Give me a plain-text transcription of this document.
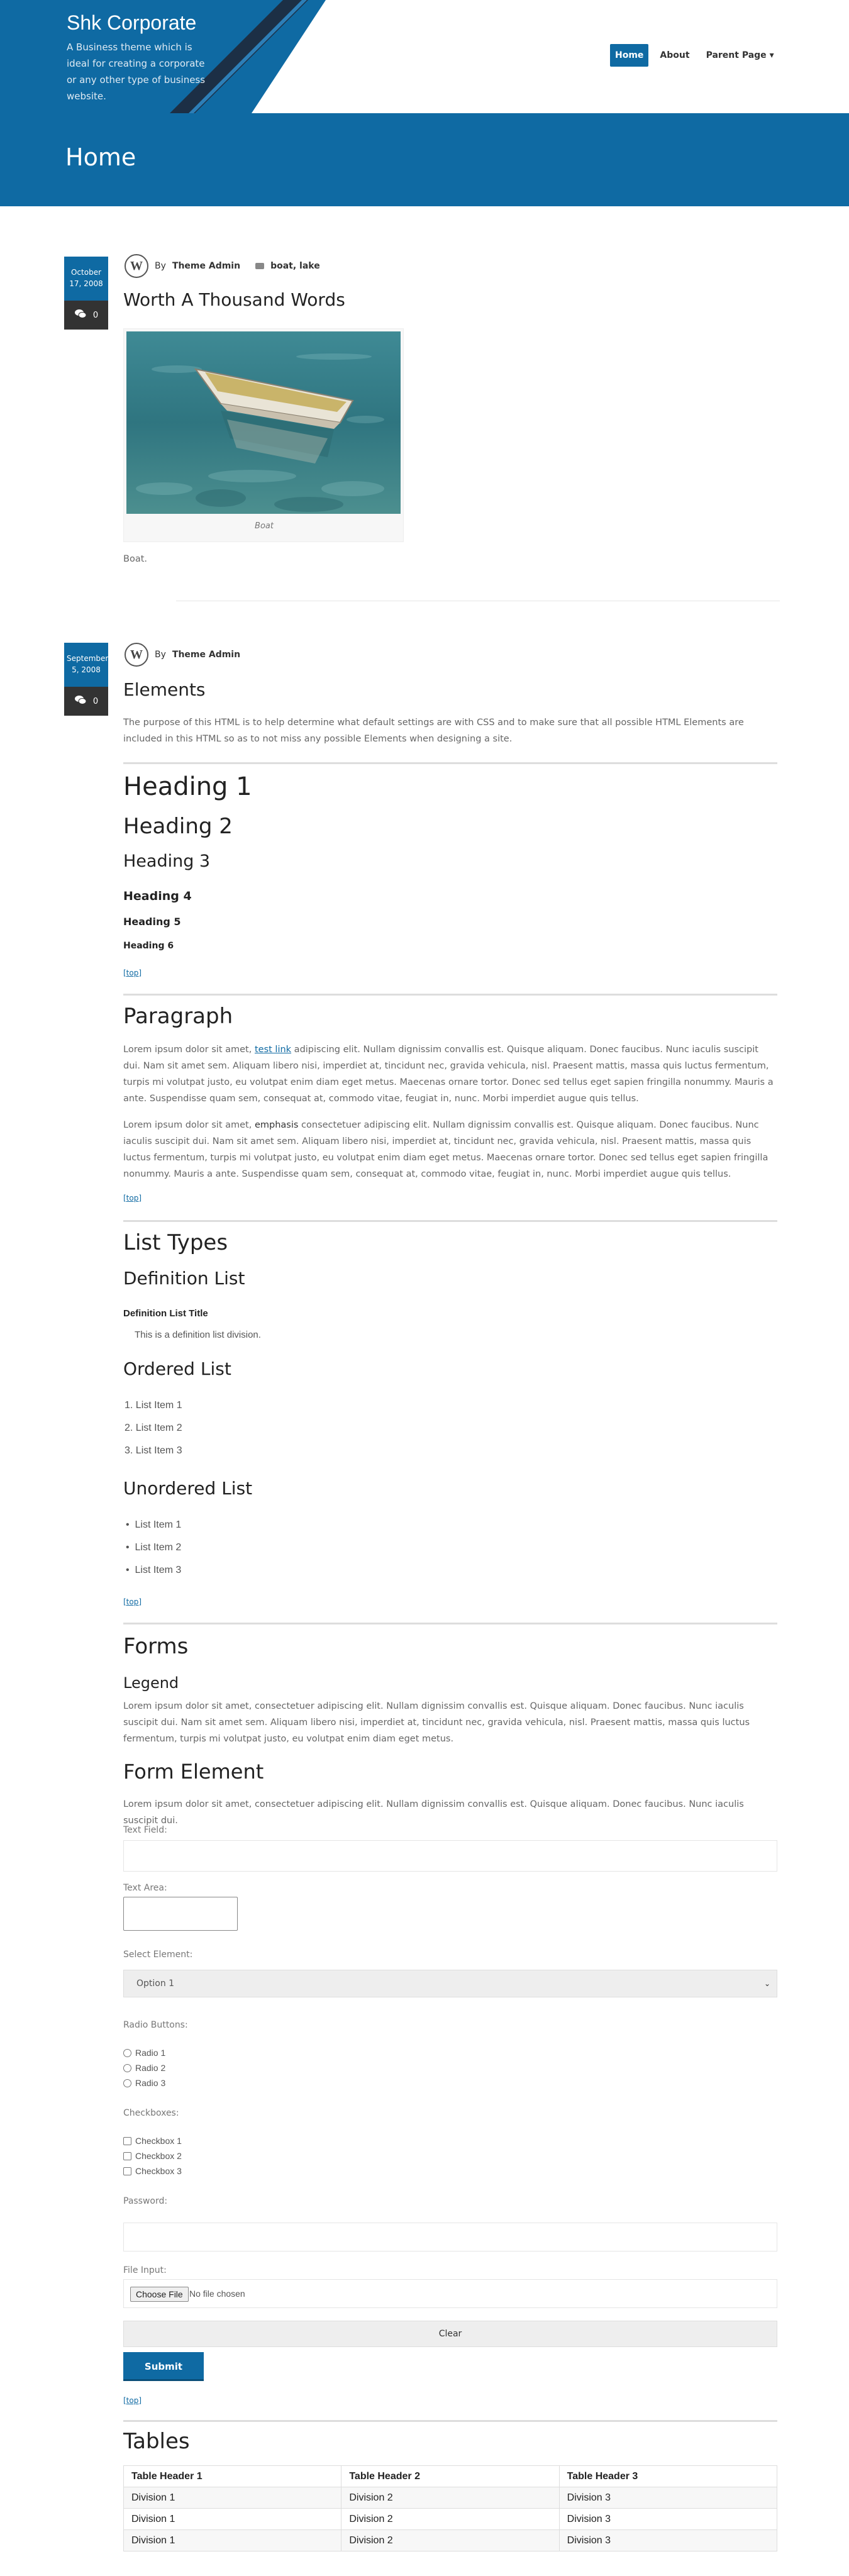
Shk Corporate
A Business theme which is ideal for creating a corporate or any other type of business website.
Home	About	Parent Page ▾
Home
October 17, 2008
0
W	By Theme Admin	boat, lake
Worth A Thousand Words
Boat
Boat.
September 5, 2008
0
W	By Theme Admin
Elements
The purpose of this HTML is to help determine what default settings are with CSS and to make sure that all possible HTML Elements are included in this HTML so as to not miss any possible Elements when designing a site.
Heading 1
Heading 2
Heading 3
Heading 4
Heading 5
Heading 6
[top]
Paragraph
Lorem ipsum dolor sit amet, test link adipiscing elit. Nullam dignissim convallis est. Quisque aliquam. Donec faucibus. Nunc iaculis suscipit dui. Nam sit amet sem. Aliquam libero nisi, imperdiet at, tincidunt nec, gravida vehicula, nisl. Praesent mattis, massa quis luctus fermentum, turpis mi volutpat justo, eu volutpat enim diam eget metus. Maecenas ornare tortor. Donec sed tellus eget sapien fringilla nonummy. Mauris a ante. Suspendisse quam sem, consequat at, commodo vitae, feugiat in, nunc. Morbi imperdiet augue quis tellus.
Lorem ipsum dolor sit amet, emphasis consectetuer adipiscing elit. Nullam dignissim convallis est. Quisque aliquam. Donec faucibus. Nunc iaculis suscipit dui. Nam sit amet sem. Aliquam libero nisi, imperdiet at, tincidunt nec, gravida vehicula, nisl. Praesent mattis, massa quis luctus fermentum, turpis mi volutpat justo, eu volutpat enim diam eget metus. Maecenas ornare tortor. Donec sed tellus eget sapien fringilla nonummy. Mauris a ante. Suspendisse quam sem, consequat at, commodo vitae, feugiat in, nunc. Morbi imperdiet augue quis tellus.
[top]
List Types
Definition List
Definition List Title
This is a definition list division.
Ordered List
1. List Item 1
2. List Item 2
3. List Item 3
Unordered List
•  List Item 1
•  List Item 2
•  List Item 3
[top]
Forms
Legend
Lorem ipsum dolor sit amet, consectetuer adipiscing elit. Nullam dignissim convallis est. Quisque aliquam. Donec faucibus. Nunc iaculis suscipit dui. Nam sit amet sem. Aliquam libero nisi, imperdiet at, tincidunt nec, gravida vehicula, nisl. Praesent mattis, massa quis luctus fermentum, turpis mi volutpat justo, eu volutpat enim diam eget metus.
Form Element
Lorem ipsum dolor sit amet, consectetuer adipiscing elit. Nullam dignissim convallis est. Quisque aliquam. Donec faucibus. Nunc iaculis suscipit dui.
Text Field:
Text Area:
Select Element:
Option 1	⌄
Radio Buttons:
Radio 1
Radio 2
Radio 3
Checkboxes:
Checkbox 1
Checkbox 2
Checkbox 3
Password:
File Input:
Choose File No file chosen
Clear
Submit
[top]
Tables
Table Header 1	Table Header 2	Table Header 3
Division 1	Division 2	Division 3
Division 1	Division 2	Division 3
Division 1	Division 2	Division 3
